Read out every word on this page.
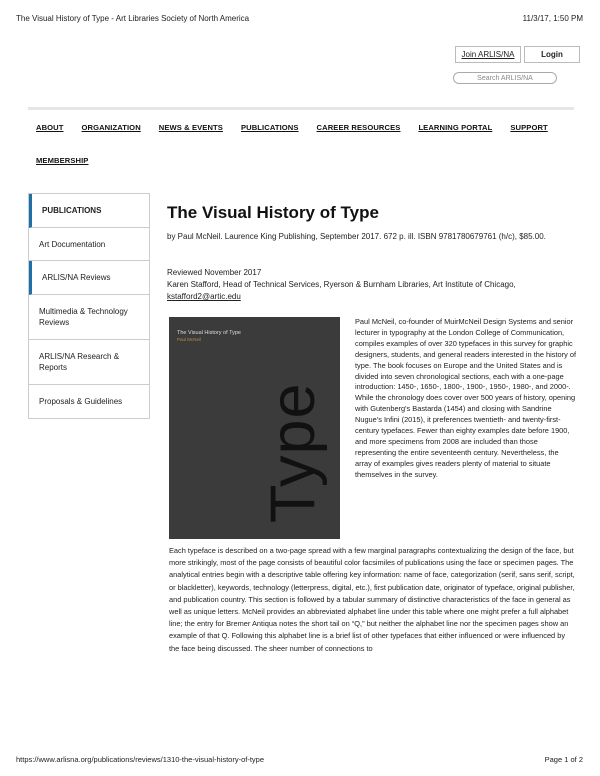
The Visual History of Type - Art Libraries Society of North America	11/3/17, 1:50 PM
Join ARLIS/NA	Login
Search ARLIS/NA
ABOUT ORGANIZATION NEWS & EVENTS PUBLICATIONS CAREER RESOURCES LEARNING PORTAL SUPPORT
MEMBERSHIP
PUBLICATIONS
Art Documentation
ARLIS/NA Reviews
Multimedia & Technology Reviews
ARLIS/NA Research & Reports
Proposals & Guidelines
The Visual History of Type
by Paul McNeil. Laurence King Publishing, September 2017. 672 p. ill. ISBN 9781780679761 (h/c), $85.00.
Reviewed November 2017
Karen Stafford, Head of Technical Services, Ryerson & Burnham Libraries, Art Institute of Chicago,
kstafford2@artic.edu
The Visual History of Type
Paul McNeil
Type
Paul McNeil, co-founder of MuirMcNeil Design Systems and senior lecturer in typography at the London College of Communication, compiles examples of over 320 typefaces in this survey for graphic designers, students, and general readers interested in the history of type. The book focuses on Europe and the United States and is divided into seven chronological sections, each with a one-page introduction: 1450-, 1650-, 1800-, 1900-, 1950-, 1980-, and 2000-. While the chronology does cover over 500 years of history, opening with Gutenberg's Bastarda (1454) and closing with Sandrine Nugue's Infini (2015), it preferences twentieth- and twenty-first-century typefaces. Fewer than eighty examples date before 1900, and more specimens from 2008 are included than those representing the entire seventeenth century. Nevertheless, the array of examples gives readers plenty of material to situate themselves in the survey.
Each typeface is described on a two-page spread with a few marginal paragraphs contextualizing the design of the face, but more strikingly, most of the page consists of beautiful color facsimiles of publications using the face or specimen pages. The analytical entries begin with a descriptive table offering key information: name of face, categorization (serif, sans serif, script, or blackletter), keywords, technology (letterpress, digital, etc.), first publication date, originator of typeface, original publisher, and publication country. This section is followed by a tabular summary of distinctive characteristics of the face in general as well as unique letters. McNeil provides an abbreviated alphabet line under this table where one might prefer a full alphabet line; the entry for Bremer Antiqua notes the short tail on “Q,” but neither the alphabet line nor the specimen pages show an example of that Q. Following this alphabet line is a brief list of other typefaces that either influenced or were influenced by the face being discussed. The sheer number of connections to
https://www.arlisna.org/publications/reviews/1310-the-visual-history-of-type	Page 1 of 2
